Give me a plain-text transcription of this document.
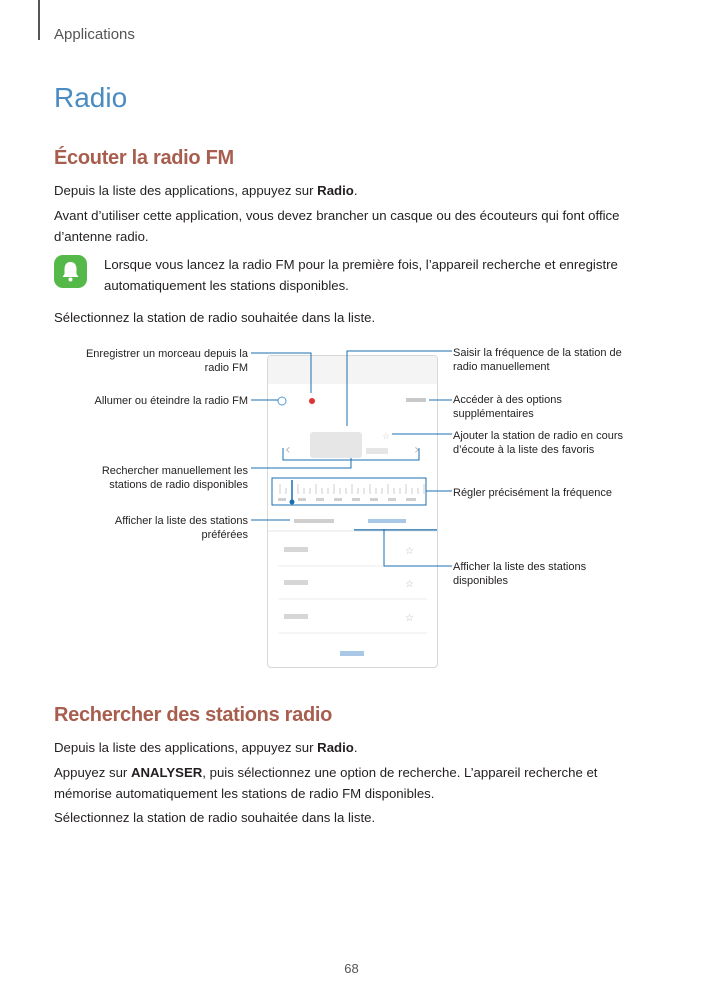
Applications
Radio
Écouter la radio FM
Depuis la liste des applications, appuyez sur Radio.
Avant d’utiliser cette application, vous devez brancher un casque ou des écouteurs qui font office
d’antenne radio.
Lorsque vous lancez la radio FM pour la première fois, l’appareil recherche et enregistre
automatiquement les stations disponibles.
Sélectionnez la station de radio souhaitée dans la liste.
‹	›
☆
☆
☆
☆
Enregistrer un morceau depuis la
radio FM
Allumer ou éteindre la radio FM
Rechercher manuellement les
stations de radio disponibles
Afficher la liste des stations
préférées
Saisir la fréquence de la station de
radio manuellement
Accéder à des options
supplémentaires
Ajouter la station de radio en cours
d’écoute à la liste des favoris
Régler précisément la fréquence
Afficher la liste des stations
disponibles
Rechercher des stations radio
Depuis la liste des applications, appuyez sur Radio.
Appuyez sur ANALYSER, puis sélectionnez une option de recherche. L’appareil recherche et
mémorise automatiquement les stations de radio FM disponibles.
Sélectionnez la station de radio souhaitée dans la liste.
68
